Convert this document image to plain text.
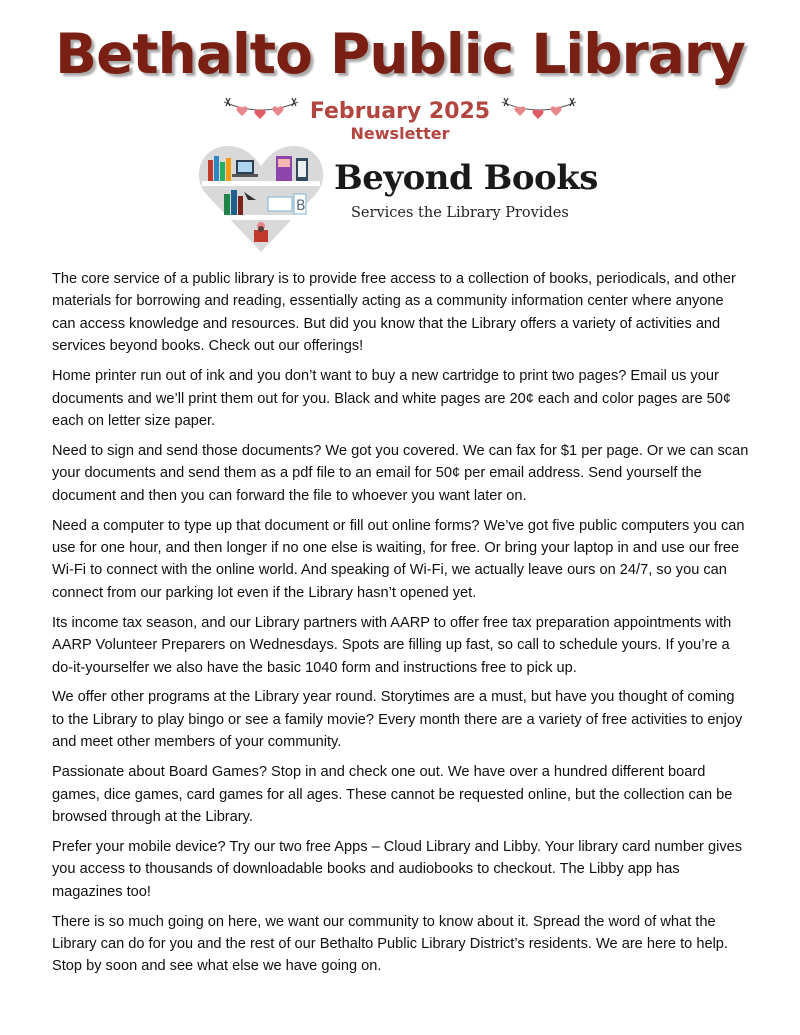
Bethalto Public Library
February 2025
Newsletter
B
Beyond Books
Services the Library Provides

The core service of a public library is to provide free access to a collection of books, periodicals, and other materials for borrowing and reading, essentially acting as a community information center where anyone can access knowledge and resources. But did you know that the Library offers a variety of activities and services beyond books. Check out our offerings!

Home printer run out of ink and you don’t want to buy a new cartridge to print two pages? Email us your documents and we’ll print them out for you. Black and white pages are 20¢ each and color pages are 50¢ each on letter size paper.

Need to sign and send those documents? We got you covered. We can fax for $1 per page. Or we can scan your documents and send them as a pdf file to an email for 50¢ per email address. Send yourself the document and then you can forward the file to whoever you want later on.

Need a computer to type up that document or fill out online forms? We’ve got five public computers you can use for one hour, and then longer if no one else is waiting, for free. Or bring your laptop in and use our free Wi-Fi to connect with the online world. And speaking of Wi-Fi, we actually leave ours on 24/7, so you can connect from our parking lot even if the Library hasn’t opened yet.

Its income tax season, and our Library partners with AARP to offer free tax preparation appointments with AARP Volunteer Preparers on Wednesdays. Spots are filling up fast, so call to schedule yours. If you’re a do-it-yourselfer we also have the basic 1040 form and instructions free to pick up.

We offer other programs at the Library year round. Storytimes are a must, but have you thought of coming to the Library to play bingo or see a family movie? Every month there are a variety of free activities to enjoy and meet other members of your community.

Passionate about Board Games? Stop in and check one out. We have over a hundred different board games, dice games, card games for all ages. These cannot be requested online, but the collection can be browsed through at the Library.

Prefer your mobile device? Try our two free Apps – Cloud Library and Libby. Your library card number gives you access to thousands of downloadable books and audiobooks to checkout. The Libby app has magazines too!

There is so much going on here, we want our community to know about it. Spread the word of what the Library can do for you and the rest of our Bethalto Public Library District’s residents. We are here to help. Stop by soon and see what else we have going on.
